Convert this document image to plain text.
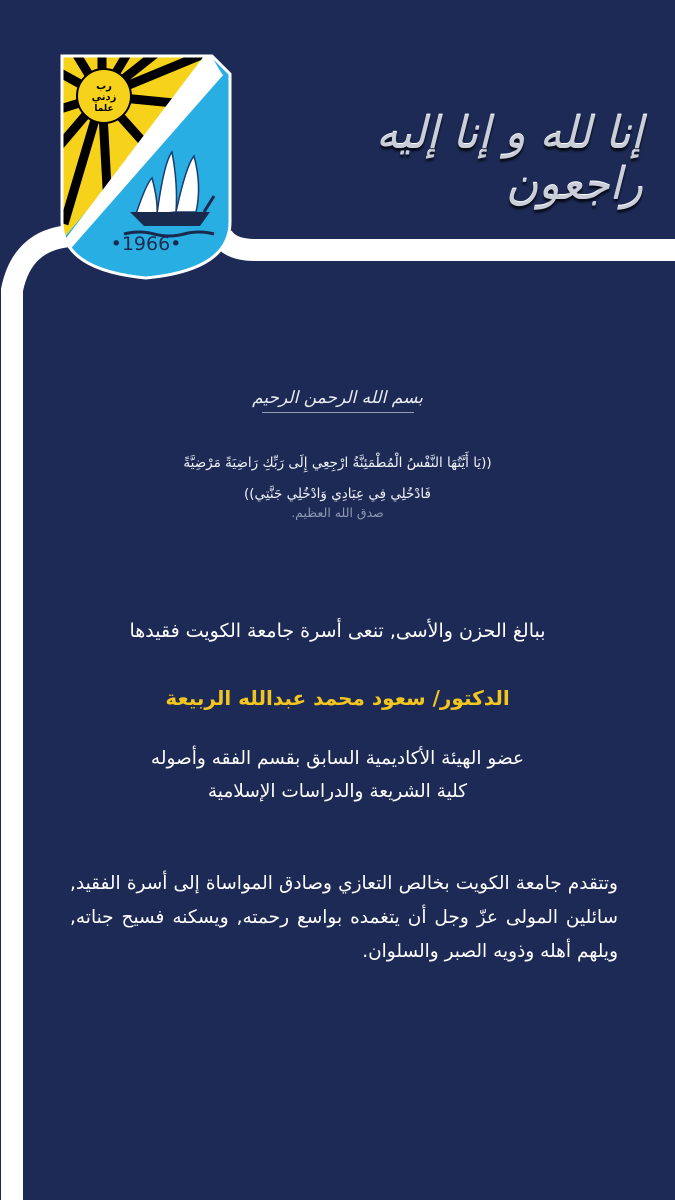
رب
زدني
علما
•1966•
إنا لله و إنا إليه راجعون
بسم الله الرحمن الرحيم
((يَا أَيَّتُهَا النَّفْسُ الْمُطْمَئِنَّةُ ارْجِعِي إِلَى رَبِّكِ رَاضِيَةً مَرْضِيَّةً
فَادْخُلِي فِي عِبَادِي وَادْخُلِي جَنَّتِي))
صدق الله العظيم.
ببالغ الحزن والأسى, تنعى أسرة جامعة الكويت فقيدها
الدكتور/ سعود محمد عبدالله الربيعة
عضو الهيئة الأكاديمية السابق بقسم الفقه وأصوله
كلية الشريعة والدراسات الإسلامية
وتتقدم جامعة الكويت بخالص التعازي وصادق المواساة إلى أسرة الفقيد, سائلين المولى عزّ وجل أن يتغمده بواسع رحمته, ويسكنه فسيح جناته, ويلهم أهله وذويه الصبر والسلوان.
